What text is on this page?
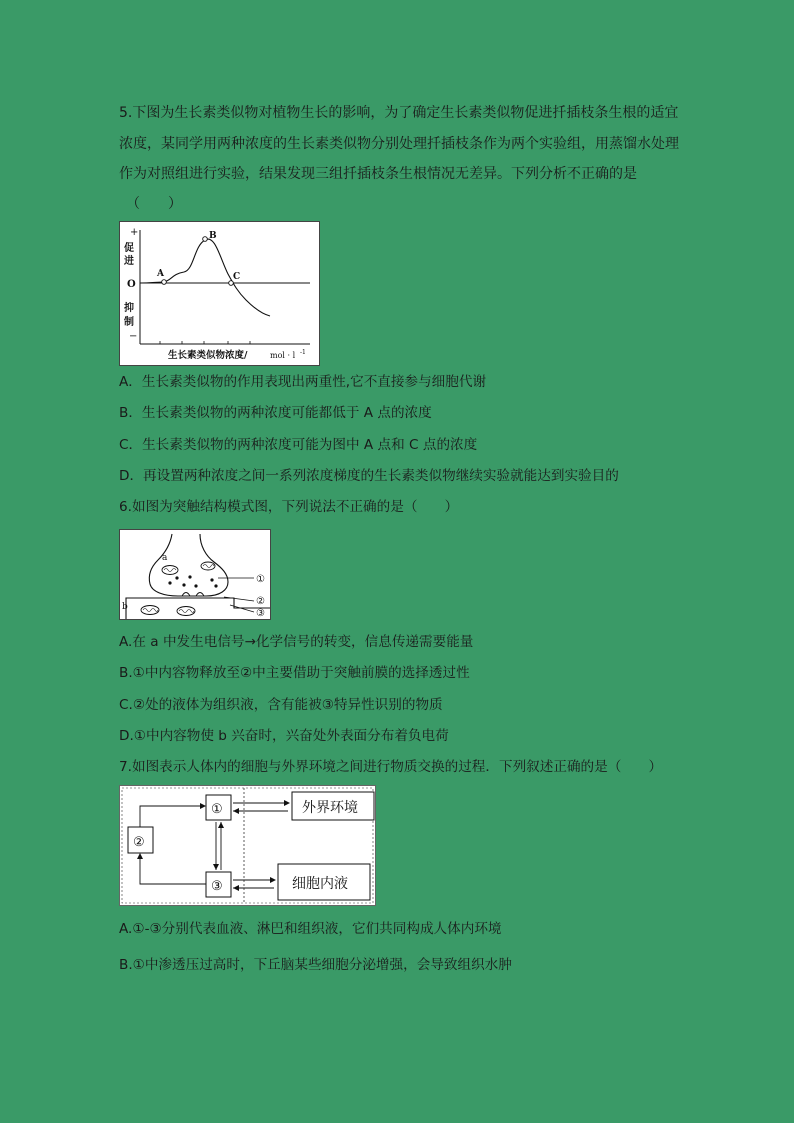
5.下图为生长素类似物对植物生长的影响，为了确定生长素类似物促进扦插枝条生根的适宜
浓度，某同学用两种浓度的生长素类似物分别处理扦插枝条作为两个实验组，用蒸馏水处理
作为对照组进行实验，结果发现三组扦插枝条生根情况无差异。下列分析不正确的是
（　　）
+
促
进
O
抑
制
−
A
B
C
生长素类似物浓度/	mol · l -1
A．生长素类似物的作用表现出两重性,它不直接参与细胞代谢
B．生长素类似物的两种浓度可能都低于 A 点的浓度
C．生长素类似物的两种浓度可能为图中 A 点和 C 点的浓度
D．再设置两种浓度之间一系列浓度梯度的生长素类似物继续实验就能达到实验目的
6.如图为突触结构模式图，下列说法不正确的是（　　）
a
b
①
②
③
A.在 a 中发生电信号→化学信号的转变，信息传递需要能量
B.①中内容物释放至②中主要借助于突触前膜的选择透过性
C.②处的液体为组织液，含有能被③特异性识别的物质
D.①中内容物使 b 兴奋时，兴奋处外表面分布着负电荷
7.如图表示人体内的细胞与外界环境之间进行物质交换的过程．下列叙述正确的是（　　）
①
②
③
外界环境
细胞内液
A.①-③分别代表血液、淋巴和组织液，它们共同构成人体内环境
B.①中渗透压过高时，下丘脑某些细胞分泌增强，会导致组织水肿
